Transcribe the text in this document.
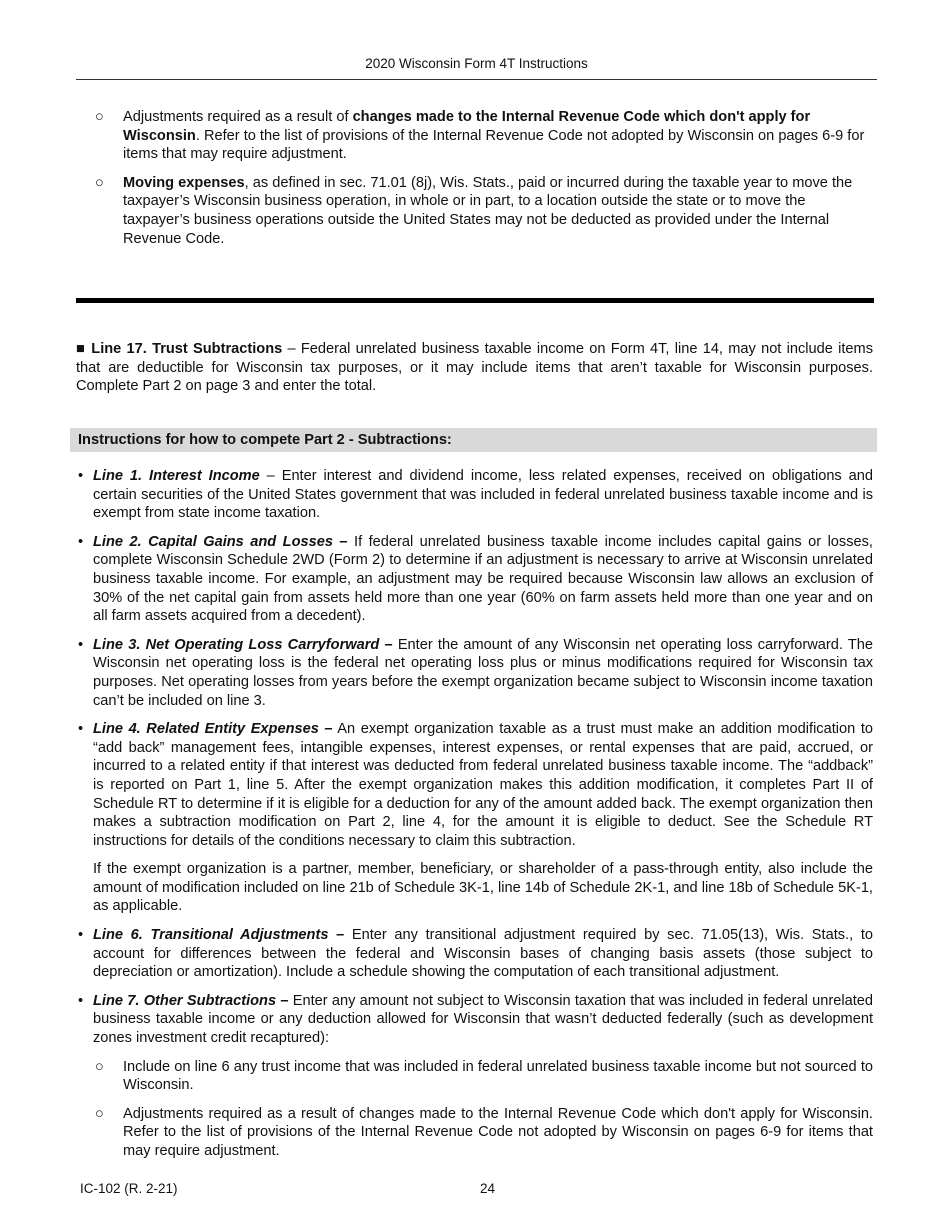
2020 Wisconsin Form 4T Instructions
○ Adjustments required as a result of changes made to the Internal Revenue Code which don't apply for Wisconsin. Refer to the list of provisions of the Internal Revenue Code not adopted by Wisconsin on pages 6-9 for items that may require adjustment.
○ Moving expenses, as defined in sec. 71.01 (8j), Wis. Stats., paid or incurred during the taxable year to move the taxpayer’s Wisconsin business operation, in whole or in part, to a location outside the state or to move the taxpayer’s business operations outside the United States may not be deducted as provided under the Internal Revenue Code.
■ Line 17. Trust Subtractions – Federal unrelated business taxable income on Form 4T, line 14, may not include items that are deductible for Wisconsin tax purposes, or it may include items that aren’t taxable for Wisconsin purposes. Complete Part 2 on page 3 and enter the total.
Instructions for how to compete Part 2 - Subtractions:
• Line 1. Interest Income – Enter interest and dividend income, less related expenses, received on obligations and certain securities of the United States government that was included in federal unrelated business taxable income and is exempt from state income taxation.
• Line 2. Capital Gains and Losses – If federal unrelated business taxable income includes capital gains or losses, complete Wisconsin Schedule 2WD (Form 2) to determine if an adjustment is necessary to arrive at Wisconsin unrelated business taxable income. For example, an adjustment may be required because Wisconsin law allows an exclusion of 30% of the net capital gain from assets held more than one year (60% on farm assets held more than one year and on all farm assets acquired from a decedent).
• Line 3. Net Operating Loss Carryforward – Enter the amount of any Wisconsin net operating loss carryforward. The Wisconsin net operating loss is the federal net operating loss plus or minus modifications required for Wisconsin tax purposes. Net operating losses from years before the exempt organization became subject to Wisconsin income taxation can’t be included on line 3.
• Line 4. Related Entity Expenses – An exempt organization taxable as a trust must make an addition modification to “add back” management fees, intangible expenses, interest expenses, or rental expenses that are paid, accrued, or incurred to a related entity if that interest was deducted from federal unrelated business taxable income. The “addback” is reported on Part 1, line 5. After the exempt organization makes this addition modification, it completes Part II of Schedule RT to determine if it is eligible for a deduction for any of the amount added back. The exempt organization then makes a subtraction modification on Part 2, line 4, for the amount it is eligible to deduct. See the Schedule RT instructions for details of the conditions necessary to claim this subtraction.
If the exempt organization is a partner, member, beneficiary, or shareholder of a pass-through entity, also include the amount of modification included on line 21b of Schedule 3K-1, line 14b of Schedule 2K-1, and line 18b of Schedule 5K-1, as applicable.
• Line 6. Transitional Adjustments – Enter any transitional adjustment required by sec. 71.05(13), Wis. Stats., to account for differences between the federal and Wisconsin bases of changing basis assets (those subject to depreciation or amortization). Include a schedule showing the computation of each transitional adjustment.
• Line 7. Other Subtractions – Enter any amount not subject to Wisconsin taxation that was included in federal unrelated business taxable income or any deduction allowed for Wisconsin that wasn’t deducted federally (such as development zones investment credit recaptured):
○ Include on line 6 any trust income that was included in federal unrelated business taxable income but not sourced to Wisconsin.
○ Adjustments required as a result of changes made to the Internal Revenue Code which don't apply for Wisconsin. Refer to the list of provisions of the Internal Revenue Code not adopted by Wisconsin on pages 6-9 for items that may require adjustment.
IC-102 (R. 2-21)	24
